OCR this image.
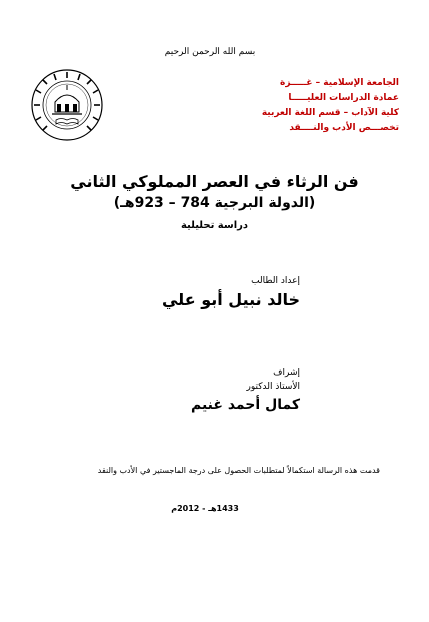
بسم الله الرحمن الرحيم
الجامعة الإسلامية – غـــــزة
عمادة الدراسات العليـــــا
كلية الآداب – قسم اللغة العربية
تخصـــص الأدب والنــــقد
فن الرثاء في العصر المملوكي الثاني
(الدولة البرجية 784 – 923هـ)
دراسة تحليلية
إعداد الطالب
خالد نبيل أبو علي
إشراف
الأستاذ الدكتور
كمال أحمد غنيم
قدمت هذه الرسالة استكمالاً لمتطلبات الحصول على درجة الماجستير في الأدب والنقد
1433هـ - 2012م
